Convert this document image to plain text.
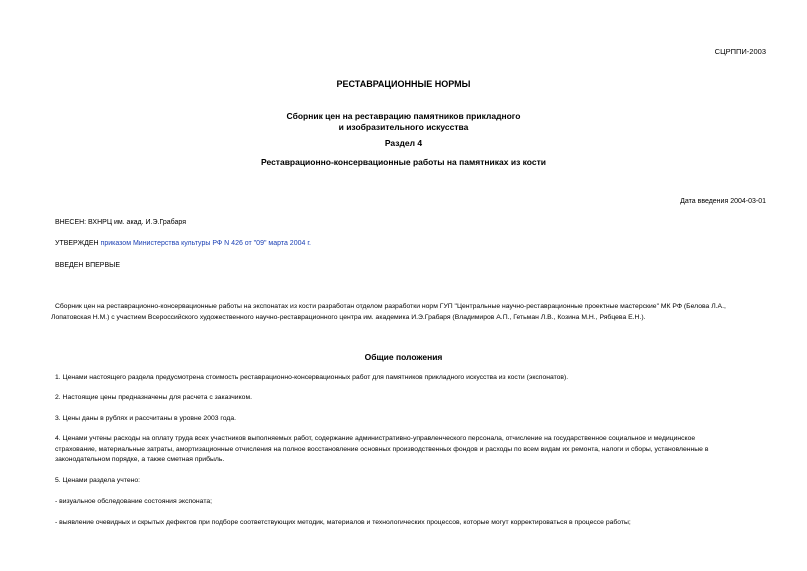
СЦРППИ-2003
РЕСТАВРАЦИОННЫЕ НОРМЫ
Сборник цен на реставрацию памятников прикладного
и изобразительного искусства
Раздел 4
Реставрационно-консервационные работы на памятниках из кости
Дата введения 2004-03-01
ВНЕСЕН: ВХНРЦ им. акад. И.Э.Грабаря
УТВЕРЖДЕН приказом Министерства культуры РФ N 426 от "09" марта 2004 г.
ВВЕДЕН ВПЕРВЫЕ
Сборник цен на реставрационно-консервационные работы на экспонатах из кости разработан отделом разработки норм ГУП "Центральные научно-реставрационные проектные мастерские" МК РФ (Белова Л.А.,
Лопатовская Н.М.) с участием Всероссийского художественного научно-реставрационного центра им. академика И.Э.Грабаря (Владимиров А.П., Гетьман Л.В., Козина М.Н., Рябцева Е.Н.).
Общие положения
1. Ценами настоящего раздела предусмотрена стоимость реставрационно-консервационных работ для памятников прикладного искусства из кости (экспонатов).
2. Настоящие цены предназначены для расчета с заказчиком.
3. Цены даны в рублях и рассчитаны в уровне 2003 года.
4. Ценами учтены расходы на оплату труда всех участников выполняемых работ, содержание административно-управленческого персонала, отчисление на государственное социальное и медицинское
страхование, материальные затраты, амортизационные отчисления на полное восстановление основных производственных фондов и расходы по всем видам их ремонта, налоги и сборы, установленные в
законодательном порядке, а также сметная прибыль.
5. Ценами раздела учтено:
- визуальное обследование состояния экспоната;
- выявление очевидных и скрытых дефектов при подборе соответствующих методик, материалов и технологических процессов, которые могут корректироваться в процессе работы;
